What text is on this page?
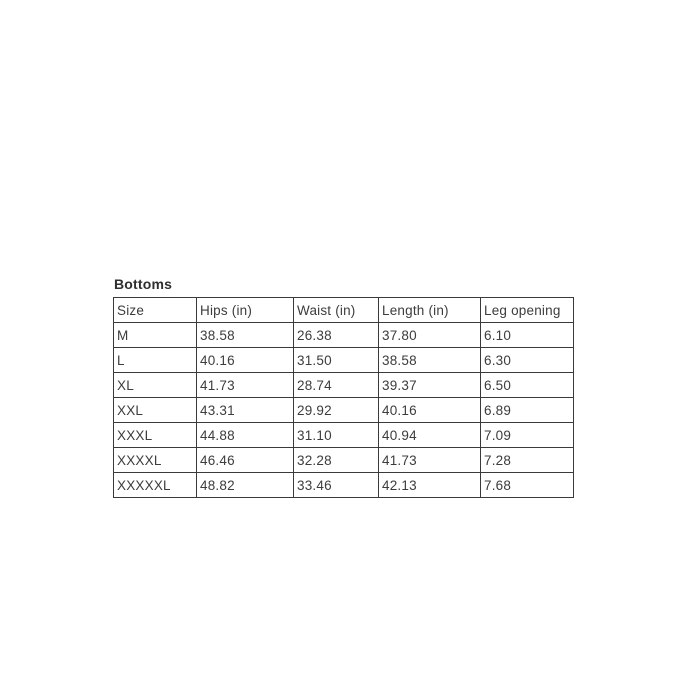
Bottoms
Size	Hips (in)	Waist (in)	Length (in)	Leg opening
M	38.58	26.38	37.80	6.10
L	40.16	31.50	38.58	6.30
XL	41.73	28.74	39.37	6.50
XXL	43.31	29.92	40.16	6.89
XXXL	44.88	31.10	40.94	7.09
XXXXL	46.46	32.28	41.73	7.28
XXXXXL	48.82	33.46	42.13	7.68
